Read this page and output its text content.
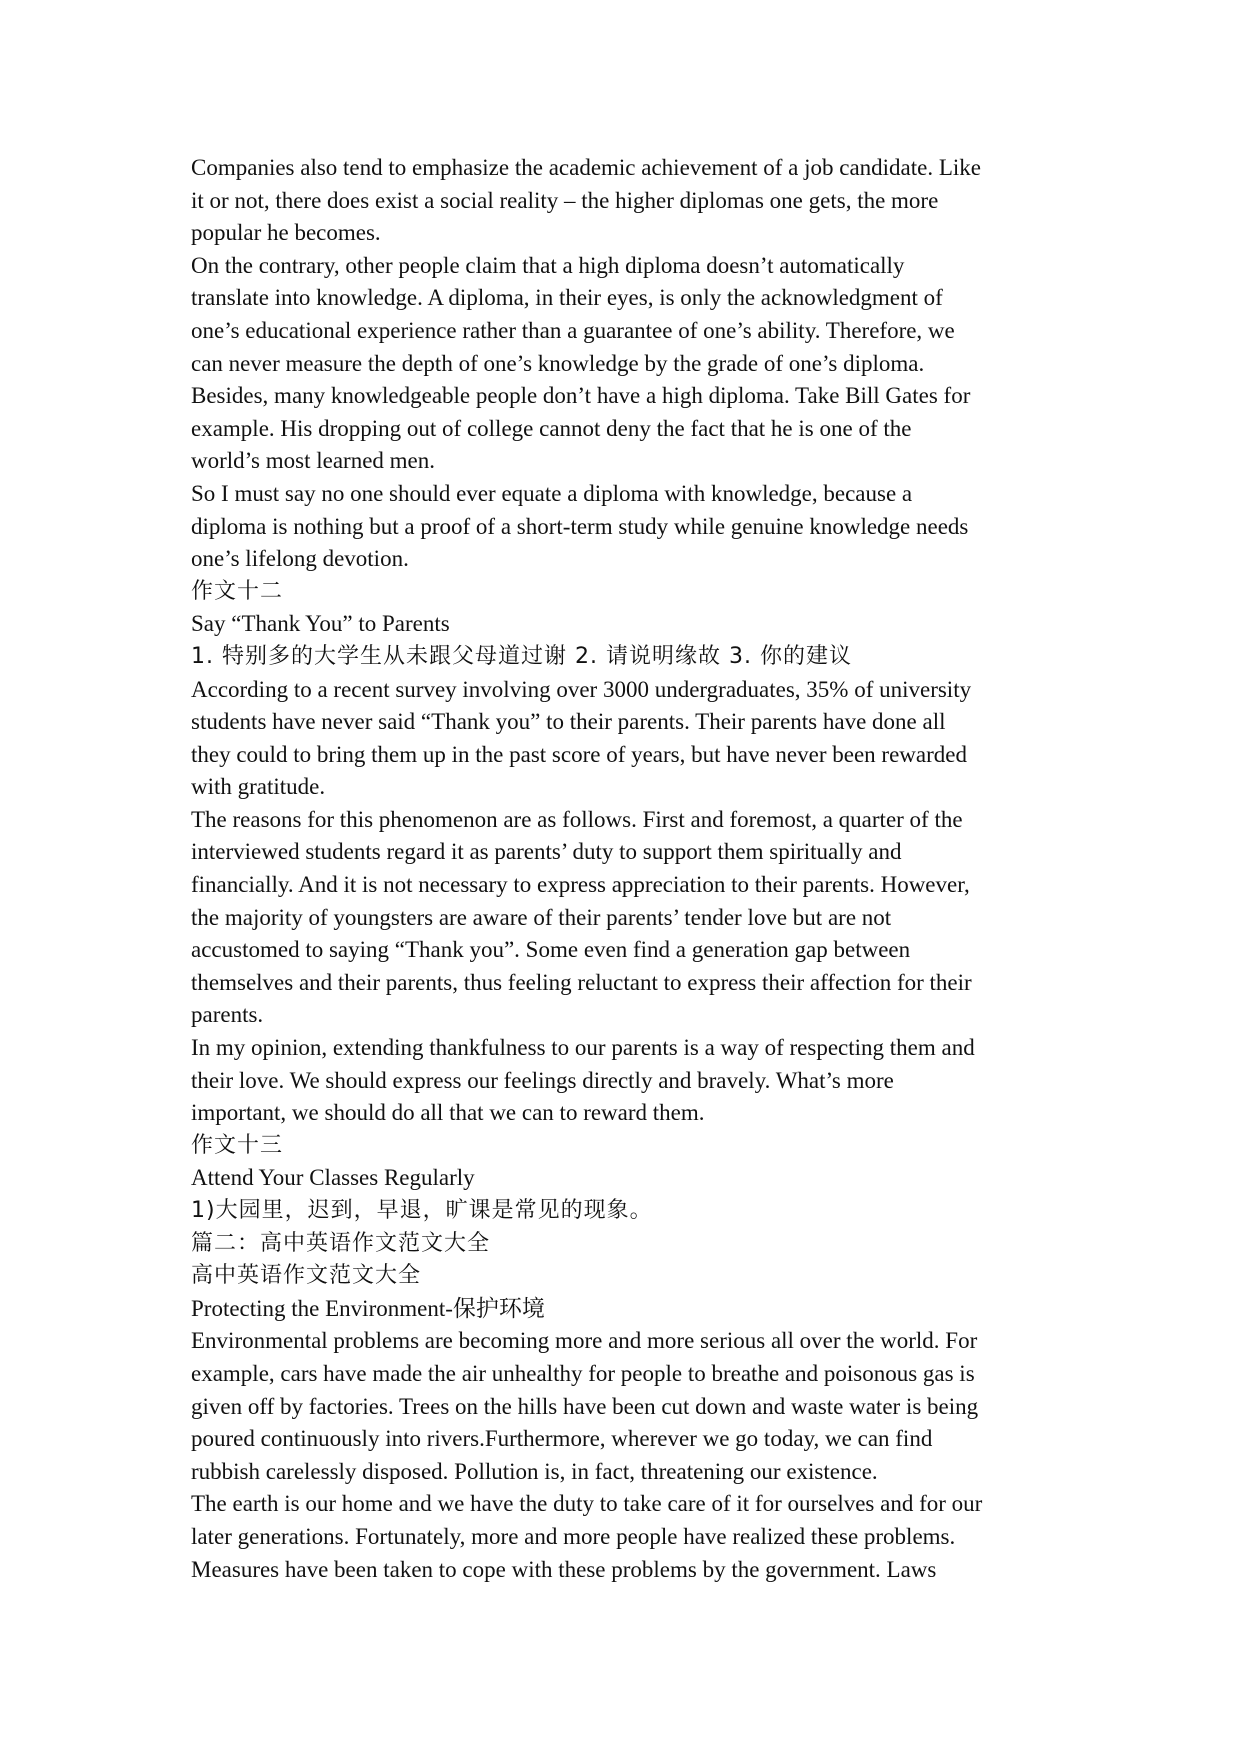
Companies also tend to emphasize the academic achievement of a job candidate. Like
it or not, there does exist a social reality – the higher diplomas one gets, the more
popular he becomes.
On the contrary, other people claim that a high diploma doesn’t automatically
translate into knowledge. A diploma, in their eyes, is only the acknowledgment of
one’s educational experience rather than a guarantee of one’s ability. Therefore, we
can never measure the depth of one’s knowledge by the grade of one’s diploma.
Besides, many knowledgeable people don’t have a high diploma. Take Bill Gates for
example. His dropping out of college cannot deny the fact that he is one of the
world’s most learned men.
So I must say no one should ever equate a diploma with knowledge, because a
diploma is nothing but a proof of a short-term study while genuine knowledge needs
one’s lifelong devotion.
作文十二
Say “Thank You” to Parents
1. 特别多的大学生从未跟父母道过谢 2. 请说明缘故 3. 你的建议
According to a recent survey involving over 3000 undergraduates, 35% of university
students have never said “Thank you” to their parents. Their parents have done all
they could to bring them up in the past score of years, but have never been rewarded
with gratitude.
The reasons for this phenomenon are as follows. First and foremost, a quarter of the
interviewed students regard it as parents’ duty to support them spiritually and
financially. And it is not necessary to express appreciation to their parents. However,
the majority of youngsters are aware of their parents’ tender love but are not
accustomed to saying “Thank you”. Some even find a generation gap between
themselves and their parents, thus feeling reluctant to express their affection for their
parents.
In my opinion, extending thankfulness to our parents is a way of respecting them and
their love. We should express our feelings directly and bravely. What’s more
important, we should do all that we can to reward them.
作文十三
Attend Your Classes Regularly
1)大园里，迟到，早退，旷课是常见的现象。
篇二：高中英语作文范文大全
高中英语作文范文大全
Protecting the Environment-保护环境
Environmental problems are becoming more and more serious all over the world. For
example, cars have made the air unhealthy for people to breathe and poisonous gas is
given off by factories. Trees on the hills have been cut down and waste water is being
poured continuously into rivers.Furthermore, wherever we go today, we can find
rubbish carelessly disposed. Pollution is, in fact, threatening our existence.
The earth is our home and we have the duty to take care of it for ourselves and for our
later generations. Fortunately, more and more people have realized these problems.
Measures have been taken to cope with these problems by the government. Laws
